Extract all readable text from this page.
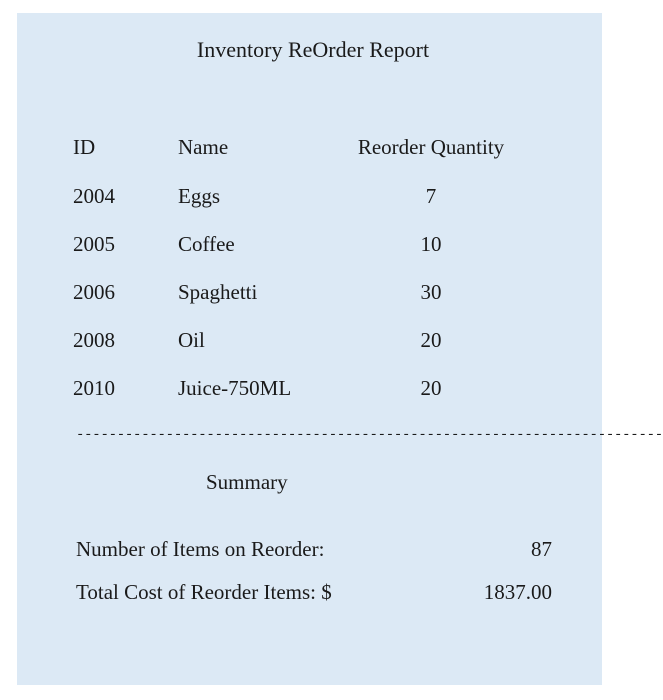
Inventory ReOrder Report
ID	Name	Reorder Quantity
2004	Eggs	7
2005	Coffee	10
2006	Spaghetti	30
2008	Oil	20
2010	Juice-750ML	20
------------------------------------------------------------------------
Summary
Number of Items on Reorder:	87
Total Cost of Reorder Items: $	1837.00
